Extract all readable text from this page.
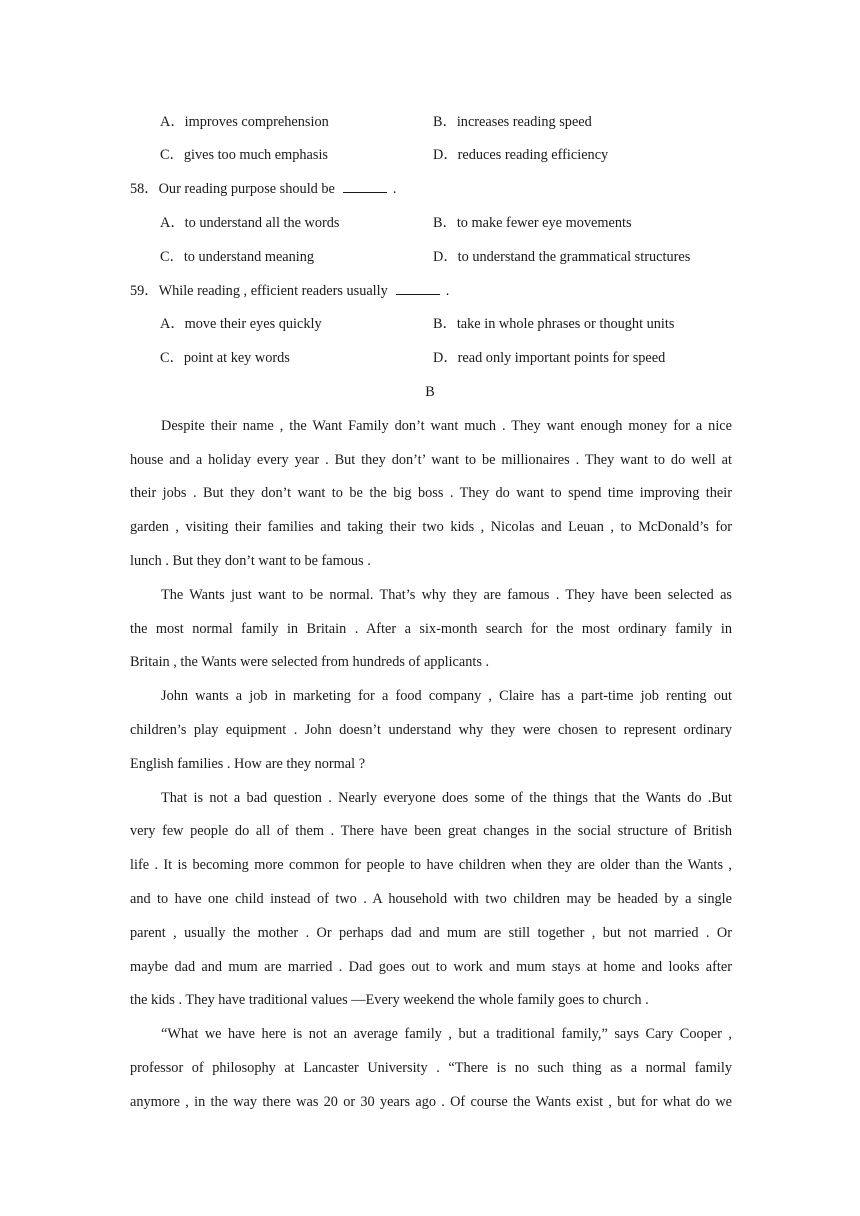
A．improves comprehension	B．increases reading speed
C．gives too much emphasis	D．reduces reading efficiency
58．Our reading purpose should be	.
A．to understand all the words	B．to make fewer eye movements
C．to understand meaning	D．to understand the grammatical structures
59．While reading , efficient readers usually	.
A．move their eyes quickly	B．take in whole phrases or thought units
C．point at key words	D．read only important points for speed
B
Despite their name , the Want Family don’t want much . They want enough money for a nice
house and a holiday every year . But they don’t’ want to be millionaires . They want to do well at
their jobs . But they don’t want to be the big boss . They do want to spend time improving their
garden , visiting their families and taking their two kids , Nicolas and Leuan , to McDonald’s for
lunch . But they don’t want to be famous .
The Wants just want to be normal. That’s why they are famous . They have been selected as
the most normal family in Britain . After a six-month search for the most ordinary family in
Britain , the Wants were selected from hundreds of applicants .
John wants a job in marketing for a food company , Claire has a part-time job renting out
children’s play equipment . John doesn’t understand why they were chosen to represent ordinary
English families . How are they normal ?
That is not a bad question . Nearly everyone does some of the things that the Wants do .But
very few people do all of them . There have been great changes in the social structure of British
life . It is becoming more common for people to have children when they are older than the Wants ,
and to have one child instead of two . A household with two children may be headed by a single
parent , usually the mother . Or perhaps dad and mum are still together , but not married . Or
maybe dad and mum are married . Dad goes out to work and mum stays at home and looks after
the kids . They have traditional values —Every weekend the whole family goes to church .
“What we have here is not an average family , but a traditional family,” says Cary Cooper ,
professor of philosophy at Lancaster University . “There is no such thing as a normal family
anymore , in the way there was 20 or 30 years ago . Of course the Wants exist , but for what do we
